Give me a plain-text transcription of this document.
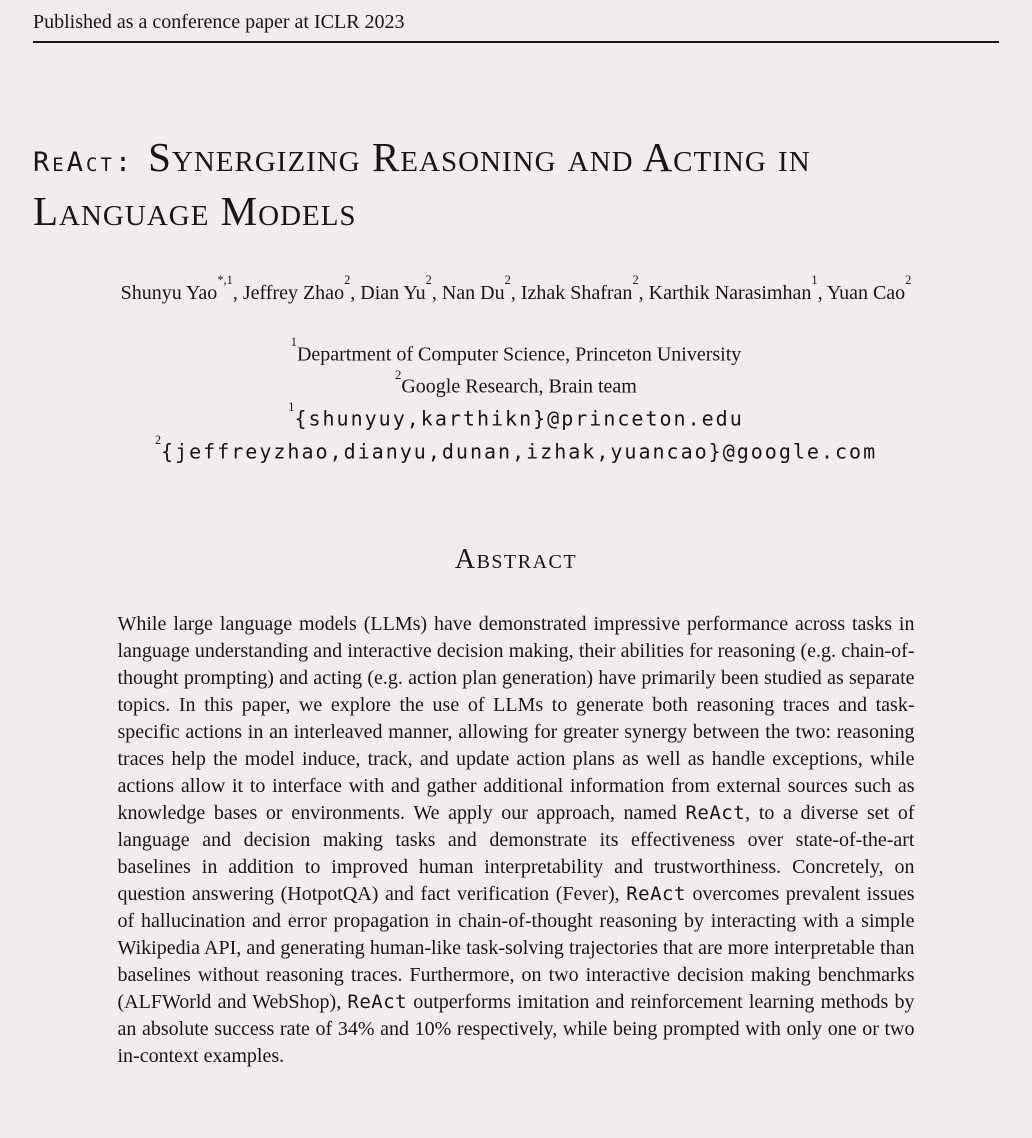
Published as a conference paper at ICLR 2023
ReAct: Synergizing Reasoning and Acting in
Language Models
Shunyu Yao$^{*,1}$, Jeffrey Zhao$^2$, Dian Yu$^2$, Nan Du$^2$, Izhak Shafran$^2$, Karthik Narasimhan$^1$, Yuan Cao$^2$
$^1$Department of Computer Science, Princeton University
$^2$Google Research, Brain team
$^1${shunyuy,karthikn}@princeton.edu
$^2${jeffreyzhao,dianyu,dunan,izhak,yuancao}@google.com
Abstract

While large language models (LLMs) have demonstrated impressive performance across tasks in language understanding and interactive decision making, their abilities for reasoning (e.g. chain-of-thought prompting) and acting (e.g. action plan generation) have primarily been studied as separate topics. In this paper, we explore the use of LLMs to generate both reasoning traces and task-specific actions in an interleaved manner, allowing for greater synergy between the two: reasoning traces help the model induce, track, and update action plans as well as handle exceptions, while actions allow it to interface with and gather additional information from external sources such as knowledge bases or environments. We apply our approach, named ReAct, to a diverse set of language and decision making tasks and demonstrate its effectiveness over state-of-the-art baselines in addition to improved human interpretability and trustworthiness. Concretely, on question answering (HotpotQA) and fact verification (Fever), ReAct overcomes prevalent issues of hallucination and error propagation in chain-of-thought reasoning by interacting with a simple Wikipedia API, and generating human-like task-solving trajectories that are more interpretable than baselines without reasoning traces. Furthermore, on two interactive decision making benchmarks (ALFWorld and WebShop), ReAct outperforms imitation and reinforcement learning methods by an absolute success rate of 34% and 10% respectively, while being prompted with only one or two in-context examples.
